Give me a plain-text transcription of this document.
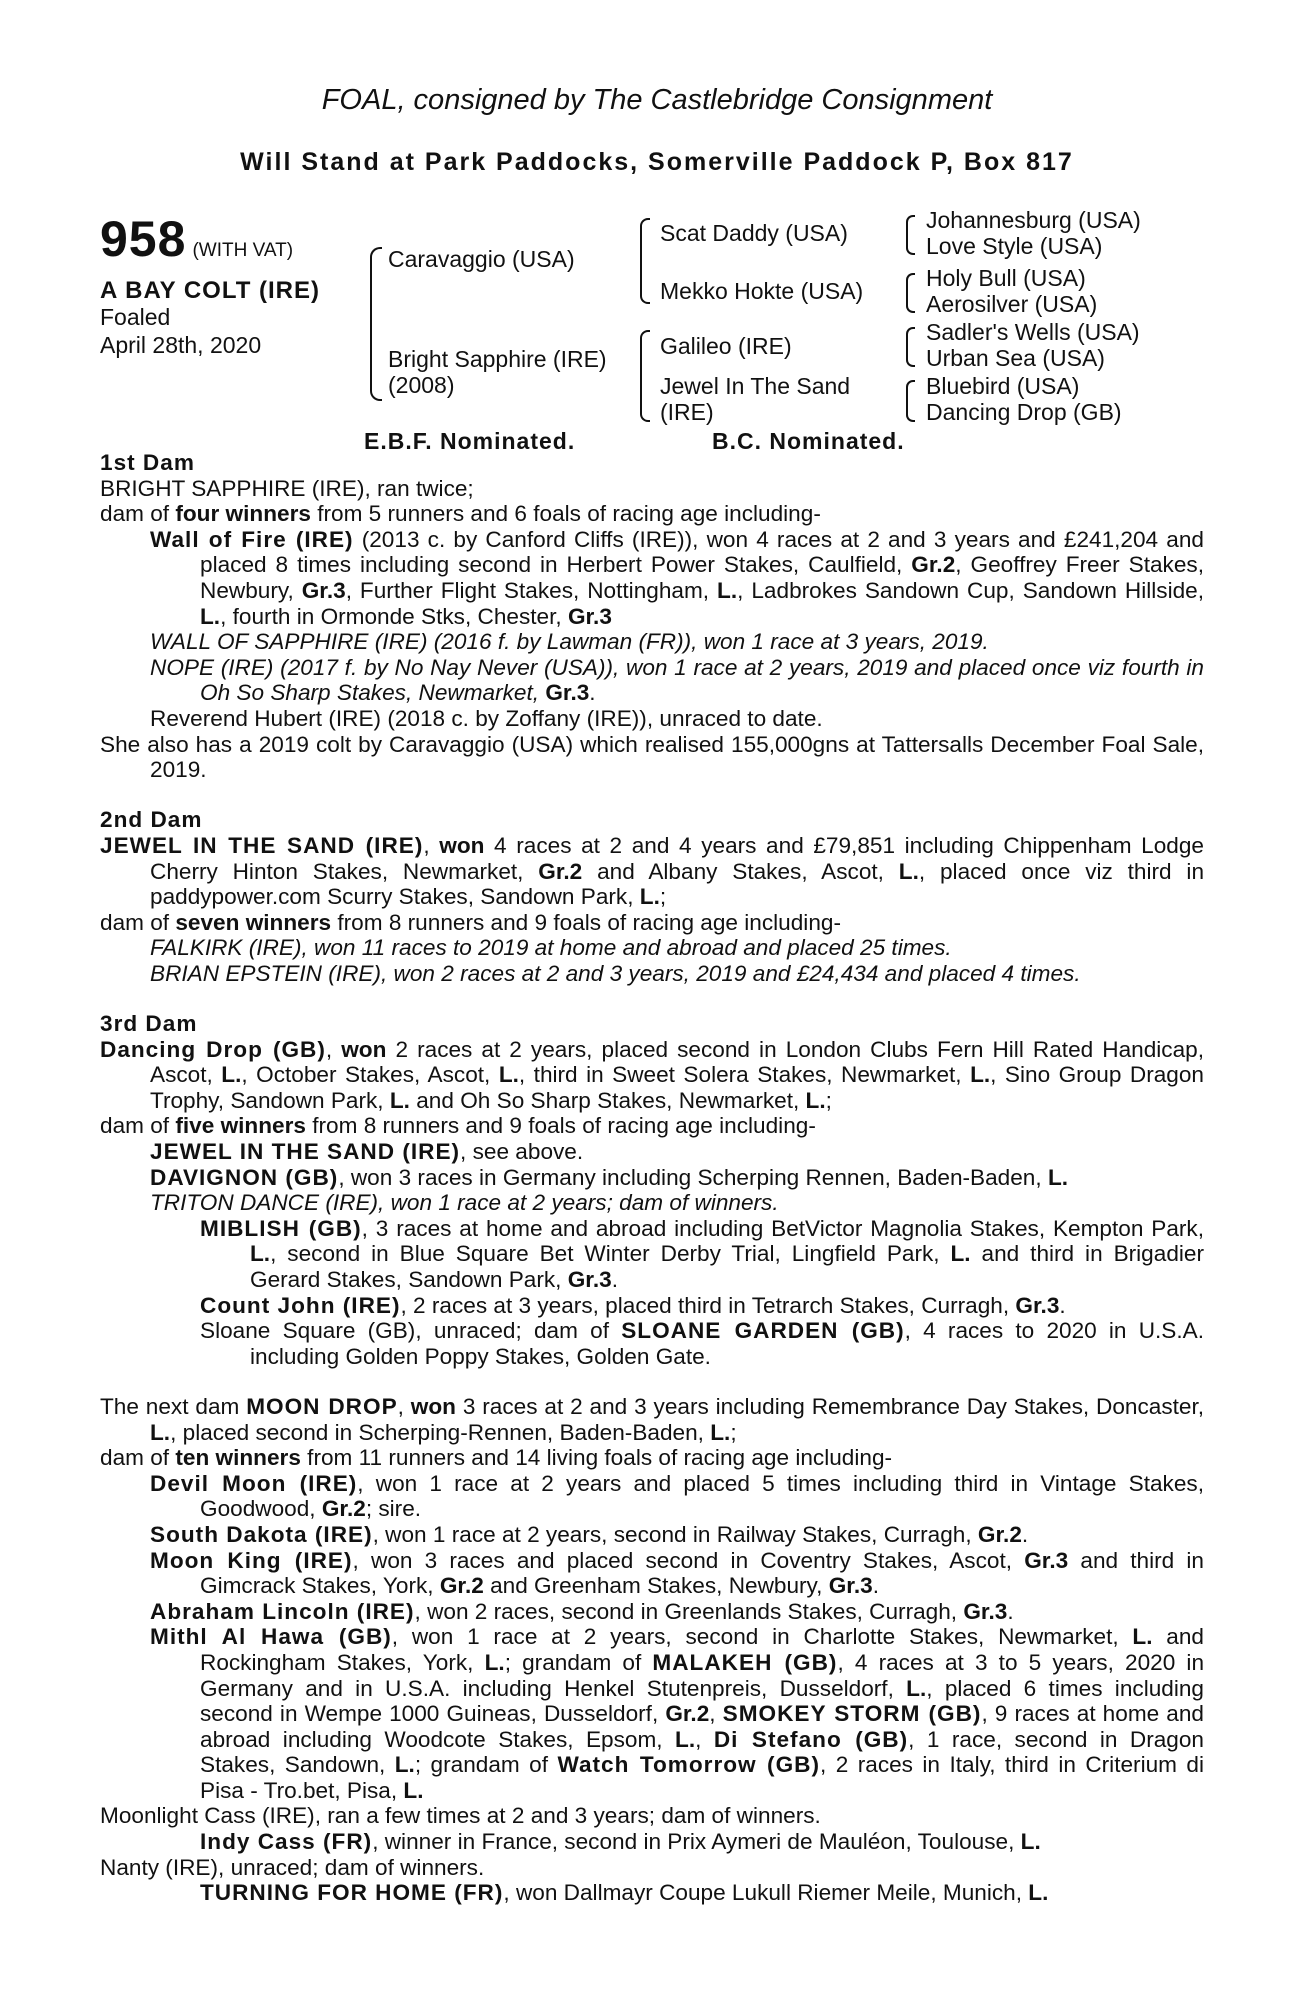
FOAL, consigned by The Castlebridge Consignment
Will Stand at Park Paddocks, Somerville Paddock P, Box 817
958 (WITH VAT)
A BAY COLT (IRE)
Foaled
April 28th, 2020
Caravaggio (USA)
Bright Sapphire (IRE)
(2008)
Scat Daddy (USA)
Mekko Hokte (USA)
Galileo (IRE)
Jewel In The Sand
(IRE)
Johannesburg (USA)
Love Style (USA)
Holy Bull (USA)
Aerosilver (USA)
Sadler's Wells (USA)
Urban Sea (USA)
Bluebird (USA)
Dancing Drop (GB)
E.B.F. Nominated.	B.C. Nominated.

1st Dam

BRIGHT SAPPHIRE (IRE), ran twice;

dam of four winners from 5 runners and 6 foals of racing age including-

Wall of Fire (IRE) (2013 c. by Canford Cliffs (IRE)), won 4 races at 2 and 3 years and £241,204 and placed 8 times including second in Herbert Power Stakes, Caulfield, Gr.2, Geoffrey Freer Stakes, Newbury, Gr.3, Further Flight Stakes, Nottingham, L., Ladbrokes Sandown Cup, Sandown Hillside, L., fourth in Ormonde Stks, Chester, Gr.3

WALL OF SAPPHIRE (IRE) (2016 f. by Lawman (FR)), won 1 race at 3 years, 2019.

NOPE (IRE) (2017 f. by No Nay Never (USA)), won 1 race at 2 years, 2019 and placed once viz fourth in Oh So Sharp Stakes, Newmarket, Gr.3.

Reverend Hubert (IRE) (2018 c. by Zoffany (IRE)), unraced to date.

She also has a 2019 colt by Caravaggio (USA) which realised 155,000gns at Tattersalls December Foal Sale, 2019.

2nd Dam

JEWEL IN THE SAND (IRE), won 4 races at 2 and 4 years and £79,851 including Chippenham Lodge Cherry Hinton Stakes, Newmarket, Gr.2 and Albany Stakes, Ascot, L., placed once viz third in paddypower.com Scurry Stakes, Sandown Park, L.;

dam of seven winners from 8 runners and 9 foals of racing age including-

FALKIRK (IRE), won 11 races to 2019 at home and abroad and placed 25 times.

BRIAN EPSTEIN (IRE), won 2 races at 2 and 3 years, 2019 and £24,434 and placed 4 times.

3rd Dam

Dancing Drop (GB), won 2 races at 2 years, placed second in London Clubs Fern Hill Rated Handicap, Ascot, L., October Stakes, Ascot, L., third in Sweet Solera Stakes, Newmarket, L., Sino Group Dragon Trophy, Sandown Park, L. and Oh So Sharp Stakes, Newmarket, L.;

dam of five winners from 8 runners and 9 foals of racing age including-

JEWEL IN THE SAND (IRE), see above.

DAVIGNON (GB), won 3 races in Germany including Scherping Rennen, Baden-Baden, L.

TRITON DANCE (IRE), won 1 race at 2 years; dam of winners.

MIBLISH (GB), 3 races at home and abroad including BetVictor Magnolia Stakes, Kempton Park, L., second in Blue Square Bet Winter Derby Trial, Lingfield Park, L. and third in Brigadier Gerard Stakes, Sandown Park, Gr.3.

Count John (IRE), 2 races at 3 years, placed third in Tetrarch Stakes, Curragh, Gr.3.

Sloane Square (GB), unraced; dam of SLOANE GARDEN (GB), 4 races to 2020 in U.S.A. including Golden Poppy Stakes, Golden Gate.

The next dam MOON DROP, won 3 races at 2 and 3 years including Remembrance Day Stakes, Doncaster, L., placed second in Scherping-Rennen, Baden-Baden, L.;

dam of ten winners from 11 runners and 14 living foals of racing age including-

Devil Moon (IRE), won 1 race at 2 years and placed 5 times including third in Vintage Stakes, Goodwood, Gr.2; sire.

South Dakota (IRE), won 1 race at 2 years, second in Railway Stakes, Curragh, Gr.2.

Moon King (IRE), won 3 races and placed second in Coventry Stakes, Ascot, Gr.3 and third in Gimcrack Stakes, York, Gr.2 and Greenham Stakes, Newbury, Gr.3.

Abraham Lincoln (IRE), won 2 races, second in Greenlands Stakes, Curragh, Gr.3.

Mithl Al Hawa (GB), won 1 race at 2 years, second in Charlotte Stakes, Newmarket, L. and Rockingham Stakes, York, L.; grandam of MALAKEH (GB), 4 races at 3 to 5 years, 2020 in Germany and in U.S.A. including Henkel Stutenpreis, Dusseldorf, L., placed 6 times including second in Wempe 1000 Guineas, Dusseldorf, Gr.2, SMOKEY STORM (GB), 9 races at home and abroad including Woodcote Stakes, Epsom, L., Di Stefano (GB), 1 race, second in Dragon Stakes, Sandown, L.; grandam of Watch Tomorrow (GB), 2 races in Italy, third in Criterium di Pisa - Tro.bet, Pisa, L.

Moonlight Cass (IRE), ran a few times at 2 and 3 years; dam of winners.

Indy Cass (FR), winner in France, second in Prix Aymeri de Mauléon, Toulouse, L.

Nanty (IRE), unraced; dam of winners.

TURNING FOR HOME (FR), won Dallmayr Coupe Lukull Riemer Meile, Munich, L.
